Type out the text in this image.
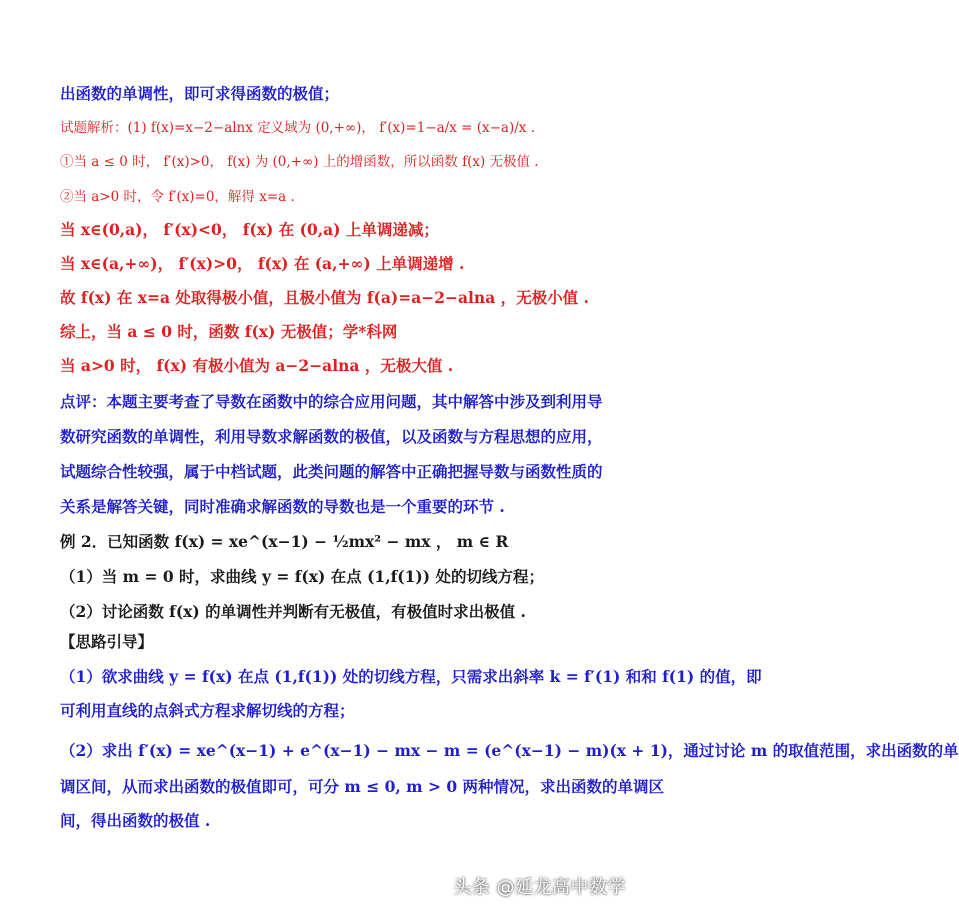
出函数的单调性，即可求得函数的极值；
试题解析：(1) f(x)=x−2−alnx 定义域为 (0,+∞)， f′(x)=1−a/x = (x−a)/x .
①当 a ≤ 0 时， f′(x)>0， f(x) 为 (0,+∞) 上的增函数，所以函数 f(x) 无极值 .
②当 a>0 时，令 f′(x)=0，解得 x=a .
当 x∈(0,a)， f′(x)<0， f(x) 在 (0,a) 上单调递减；
当 x∈(a,+∞)， f′(x)>0， f(x) 在 (a,+∞) 上单调递增 .
故 f(x) 在 x=a 处取得极小值，且极小值为 f(a)=a−2−alna ，无极小值 .
综上，当 a ≤ 0 时，函数 f(x) 无极值；学*科网
当 a>0 时， f(x) 有极小值为 a−2−alna ，无极大值 .
点评：本题主要考查了导数在函数中的综合应用问题，其中解答中涉及到利用导
数研究函数的单调性，利用导数求解函数的极值，以及函数与方程思想的应用，
试题综合性较强，属于中档试题，此类问题的解答中正确把握导数与函数性质的
关系是解答关键，同时准确求解函数的导数也是一个重要的环节 .
例 2．已知函数 f(x) = xe^(x−1) − ½mx² − mx ， m ∈ R
（1）当 m = 0 时，求曲线 y = f(x) 在点 (1,f(1)) 处的切线方程；
（2）讨论函数 f(x) 的单调性并判断有无极值，有极值时求出极值 .
【思路引导】
（1）欲求曲线 y = f(x) 在点 (1,f(1)) 处的切线方程，只需求出斜率 k = f′(1) 和和 f(1) 的值，即
可利用直线的点斜式方程求解切线的方程；
（2）求出 f′(x) = xe^(x−1) + e^(x−1) − mx − m = (e^(x−1) − m)(x + 1)，通过讨论 m 的取值范围，求出函数的单
调区间，从而求出函数的极值即可，可分 m ≤ 0, m > 0 两种情况，求出函数的单调区
间，得出函数的极值 .
头条 @延龙高中数学
